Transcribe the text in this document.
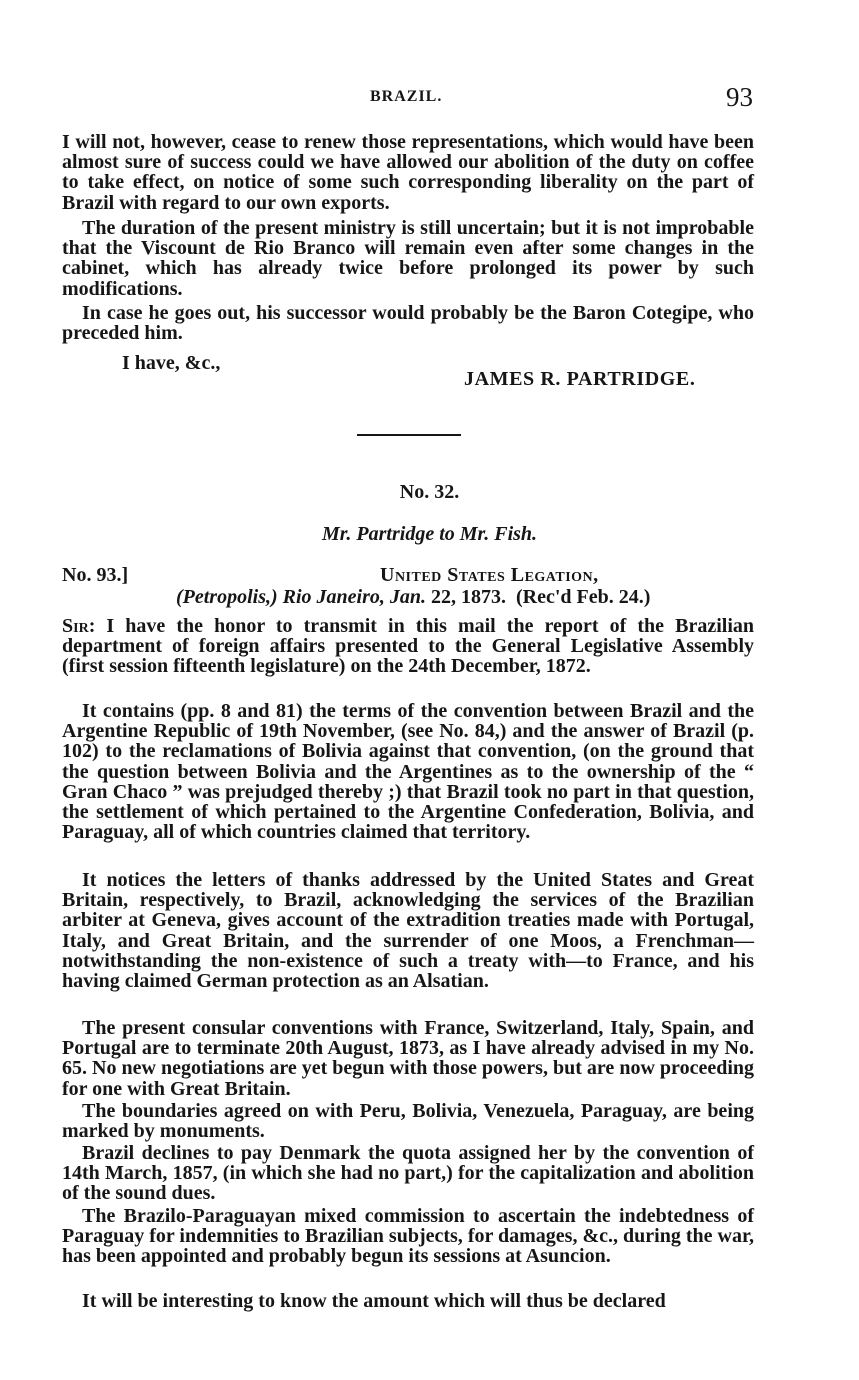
BRAZIL.	93

I will not, however, cease to renew those representations, which would have been almost sure of success could we have allowed our abolition of the duty on coffee to take effect, on notice of some such corresponding liberality on the part of Brazil with regard to our own exports.

The duration of the present ministry is still uncertain; but it is not improbable that the Viscount de Rio Branco will remain even after some changes in the cabinet, which has already twice before prolonged its power by such modifications.

In case he goes out, his successor would probably be the Baron Cotegipe, who preceded him.

I have, &c.,
JAMES R. PARTRIDGE.
No. 32.
Mr. Partridge to Mr. Fish.
No. 93.]	United States Legation,
(Petropolis,) Rio Janeiro, Jan. 22, 1873. (Rec'd Feb. 24.)

Sir: I have the honor to transmit in this mail the report of the Brazilian department of foreign affairs presented to the General Legislative Assembly (first session fifteenth legislature) on the 24th December, 1872.

It contains (pp. 8 and 81) the terms of the convention between Brazil and the Argentine Republic of 19th November, (see No. 84,) and the answer of Brazil (p. 102) to the reclamations of Bolivia against that convention, (on the ground that the question between Bolivia and the Argentines as to the ownership of the “ Gran Chaco ” was prejudged thereby ;) that Brazil took no part in that question, the settlement of which pertained to the Argentine Confederation, Bolivia, and Paraguay, all of which countries claimed that territory.

It notices the letters of thanks addressed by the United States and Great Britain, respectively, to Brazil, acknowledging the services of the Brazilian arbiter at Geneva, gives account of the extradition treaties made with Portugal, Italy, and Great Britain, and the surrender of one Moos, a Frenchman—notwithstanding the non-existence of such a treaty with—to France, and his having claimed German protection as an Alsatian.

The present consular conventions with France, Switzerland, Italy, Spain, and Portugal are to terminate 20th August, 1873, as I have already advised in my No. 65. No new negotiations are yet begun with those powers, but are now proceeding for one with Great Britain.

The boundaries agreed on with Peru, Bolivia, Venezuela, Paraguay, are being marked by monuments.

Brazil declines to pay Denmark the quota assigned her by the convention of 14th March, 1857, (in which she had no part,) for the capitalization and abolition of the sound dues.

The Brazilo-Paraguayan mixed commission to ascertain the indebtedness of Paraguay for indemnities to Brazilian subjects, for damages, &c., during the war, has been appointed and probably begun its sessions at Asuncion.

It will be interesting to know the amount which will thus be declared
